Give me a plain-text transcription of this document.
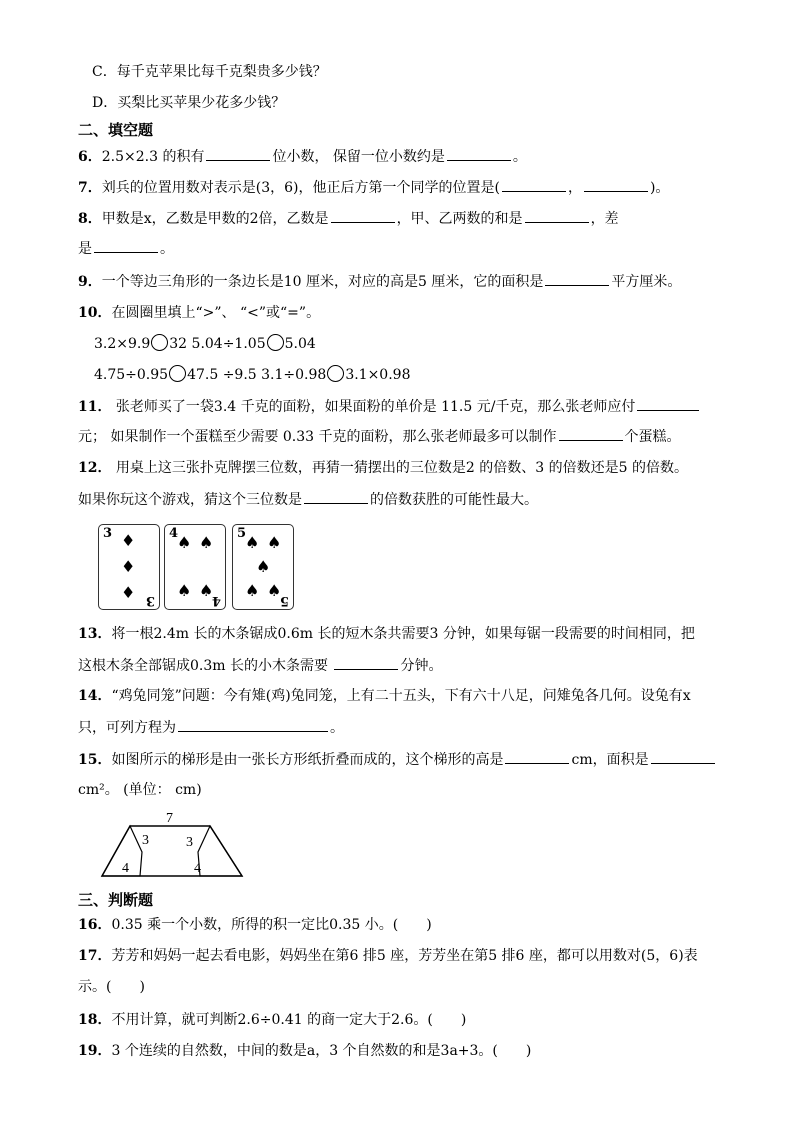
C．每千克苹果比每千克梨贵多少钱？
D．买梨比买苹果少花多少钱？
二、填空题
6．2.5×2.3 的积有	位小数， 保留一位小数约是	。
7．刘兵的位置用数对表示是(3，6)，他正后方第一个同学的位置是(	，	)。
8．甲数是x，乙数是甲数的2倍，乙数是	，甲、乙两数的和是	，差
是	。
9．一个等边三角形的一条边长是10 厘米，对应的高是5 厘米，它的面积是	平方厘米。
10．在圆圈里填上“>”、 “<”或“=”。
3.2×9.9 32 5.04÷1.05 5.04
4.75÷0.95 47.5 ÷9.5 3.1÷0.98 3.1×0.98
11． 张老师买了一袋3.4 千克的面粉，如果面粉的单价是 11.5 元/千克，那么张老师应付
元； 如果制作一个蛋糕至少需要 0.33 千克的面粉，那么张老师最多可以制作	个蛋糕。
12． 用桌上这三张扑克牌摆三位数，再猜一猜摆出的三位数是2 的倍数、3 的倍数还是5 的倍数。
如果你玩这个游戏，猜这个三位数是	的倍数获胜的可能性最大。
3 ♦
♦
♦ 3
4
♠ ♠
♠ ♠
4
5
♠ ♠
♠
♠ ♠
5
13．将一根2.4m 长的木条锯成0.6m 长的短木条共需要3 分钟，如果每锯一段需要的时间相同，把
这根木条全部锯成0.3m 长的小木条需要	分钟。
14．“鸡兔同笼”问题：今有雉(鸡)兔同笼，上有二十五头，下有六十八足，问雉兔各几何。设兔有x
只，可列方程为	。
15．如图所示的梯形是由一张长方形纸折叠而成的，这个梯形的高是	cm，面积是
cm²。 (单位： cm)
7
3	3
4	4
三、判断题
16．0.35 乘一个小数，所得的积一定比0.35 小。(　　)
17．芳芳和妈妈一起去看电影，妈妈坐在第6 排5 座，芳芳坐在第5 排6 座，都可以用数对(5，6)表
示。(　　)
18．不用计算，就可判断2.6÷0.41 的商一定大于2.6。(　　)
19．3 个连续的自然数，中间的数是a，3 个自然数的和是3a+3。(　　)
